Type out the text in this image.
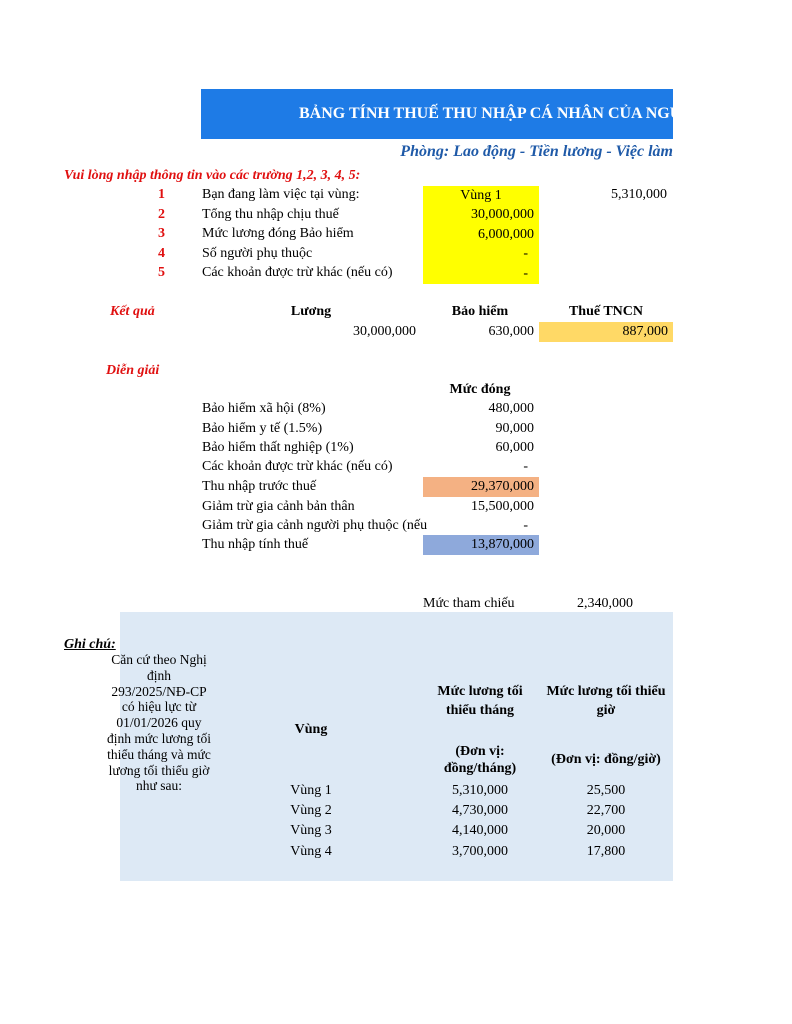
BẢNG TÍNH THUẾ THU NHẬP CÁ NHÂN CỦA NGƯỜI LAO ĐỘNG
Phòng: Lao động - Tiền lương - Việc làm
Vui lòng nhập thông tin vào các trường 1,2, 3, 4, 5:
1	Bạn đang làm việc tại vùng:	Vùng 1	5,310,000
2	Tổng thu nhập chịu thuế	30,000,000
3	Mức lương đóng Bảo hiểm	6,000,000
4	Số người phụ thuộc	-
5	Các khoản được trừ khác (nếu có)	-
Kết quả	Lương	Bảo hiểm	Thuế TNCN
30,000,000	630,000	887,000
Diễn giải
Mức đóng
Bảo hiểm xã hội (8%)	480,000
Bảo hiểm y tế (1.5%)	90,000
Bảo hiểm thất nghiệp (1%)	60,000
Các khoản được trừ khác (nếu có)	-
Thu nhập trước thuế	29,370,000
Giảm trừ gia cảnh bản thân	15,500,000
Giảm trừ gia cảnh người phụ thuộc (nếu	-
Thu nhập tính thuế	13,870,000
Mức tham chiếu	2,340,000
Ghi chú:
Căn cứ theo Nghị định 293/2025/NĐ-CP có hiệu lực từ 01/01/2026 quy định mức lương tối thiểu tháng và mức lương tối thiểu giờ như sau:
Vùng
Mức lương tối thiểu tháng
(Đơn vị: đồng/tháng)
Mức lương tối thiểu giờ
(Đơn vị: đồng/giờ)
Vùng 1	5,310,000	25,500
Vùng 2	4,730,000	22,700
Vùng 3	4,140,000	20,000
Vùng 4	3,700,000	17,800
